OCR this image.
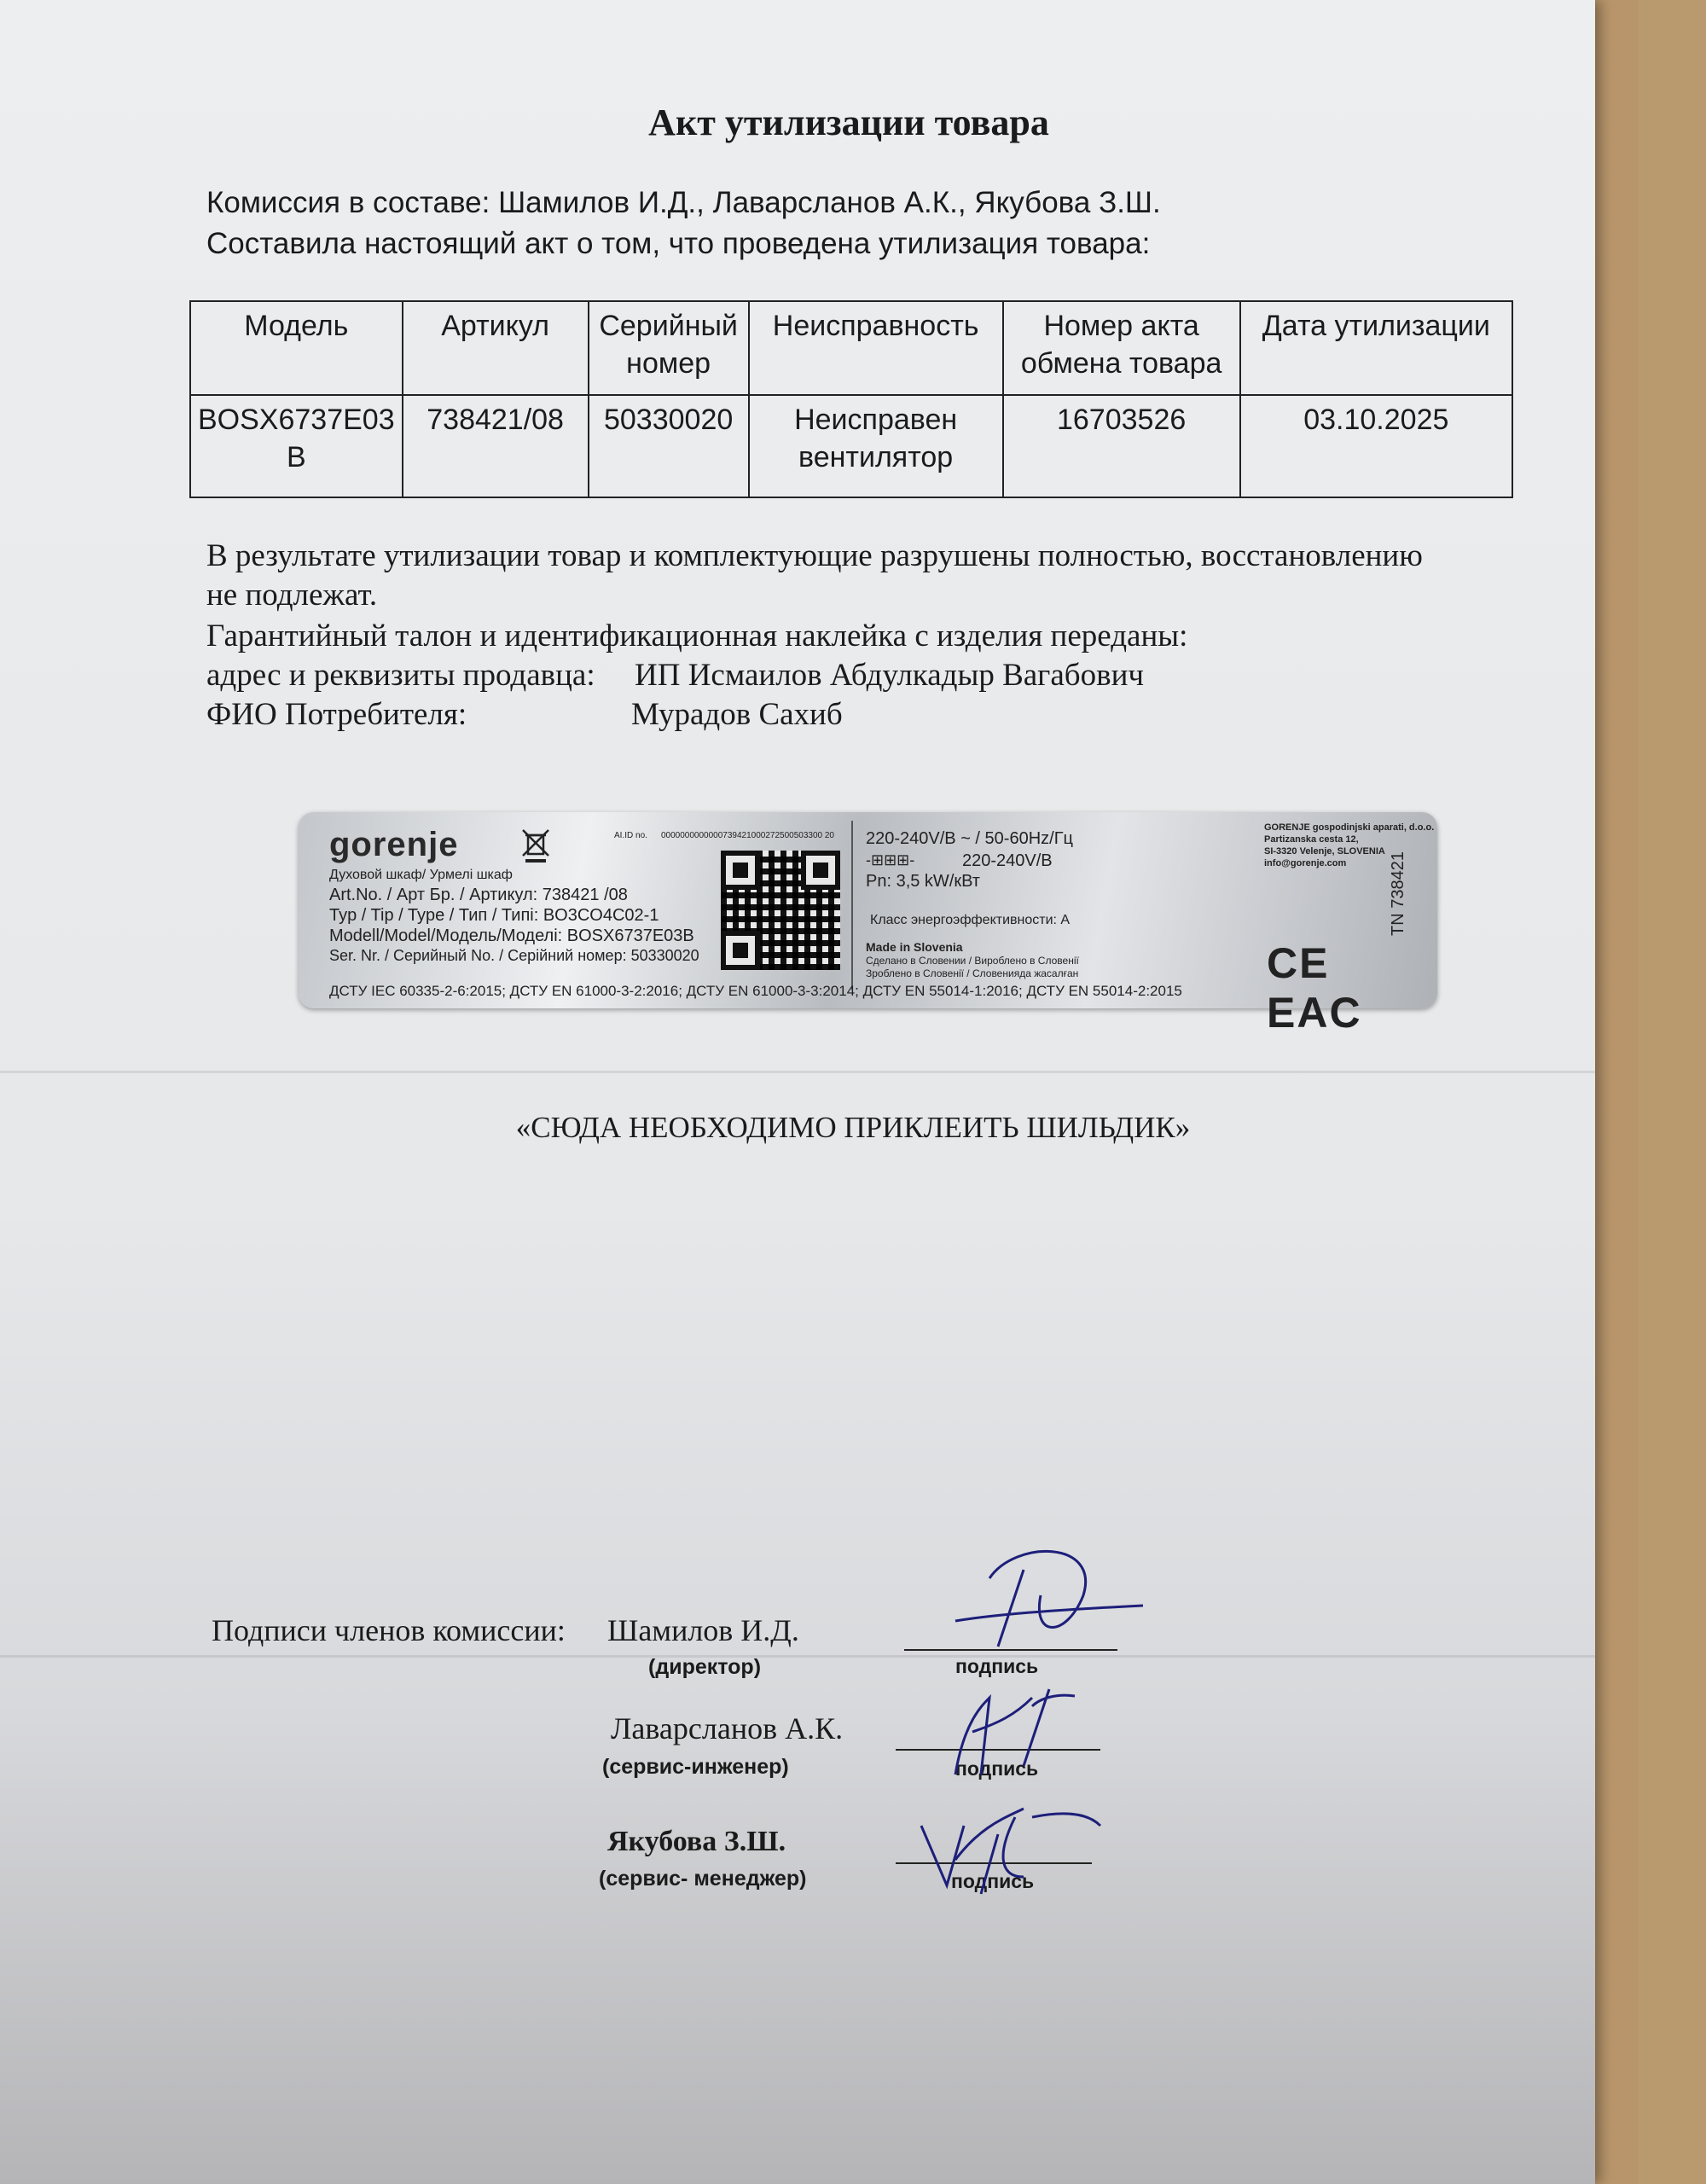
Акт утилизации товара
Комиссия в составе: Шамилов И.Д., Лаварсланов А.К., Якубова З.Ш.
Составила настоящий акт о том, что проведена утилизация товара:
Модель	Артикул	Серийный номер	Неисправность	Номер акта обмена товара	Дата утилизации
BOSX6737E03 B	738421/08	50330020	Неисправен вентилятор	16703526	03.10.2025
В результате утилизации товар и комплектующие разрушены полностью, восстановлению
не подлежат.
Гарантийный талон и идентификационная наклейка с изделия переданы:
адрес и реквизиты продавца: ИП Исмаилов Абдулкадыр Вагабович
ФИО Потребителя:	Мурадов Сахиб
gorenje
Духовой шкаф/ Урмелі шкаф
Art.No. / Арт Бр. / Артикул: 738421 /08
Typ / Tip / Type / Тип / Типі: BO3CO4C02-1
Modell/Model/Модель/Моделі: BOSX6737E03B
Ser. Nr. / Серийный No. / Серійний номер: 50330020
AI.ID no. 0000000000000739421000272500503300 20 220-240V/В ~ / 50-60Hz/Гц
-⊞⊞⊞-	220-240V/В
Pn: 3,5 kW/кВт
Класс энергоэффективности: А
Made in Slovenia
Сделано в Словении / Вироблено в Словенії
Зроблено в Словенії / Словенияда жасалған
GORENJE gospodinjski aparati, d.o.o.
Partizanska cesta 12,
SI-3320 Velenje, SLOVENIA
info@gorenje.com
CE EAC
TN 738421
ДСТУ IEC 60335-2-6:2015; ДСТУ EN 61000-3-2:2016; ДСТУ EN 61000-3-3:2014; ДСТУ EN 55014-1:2016; ДСТУ EN 55014-2:2015
«СЮДА НЕОБХОДИМО ПРИКЛЕИТЬ ШИЛЬДИК»
Подписи членов комиссии: Шамилов И.Д.
(директор)	подпись
Лаварсланов А.К.
(сервис-инженер)	подпись
Якубова З.Ш.
(сервис- менеджер)	подпись
